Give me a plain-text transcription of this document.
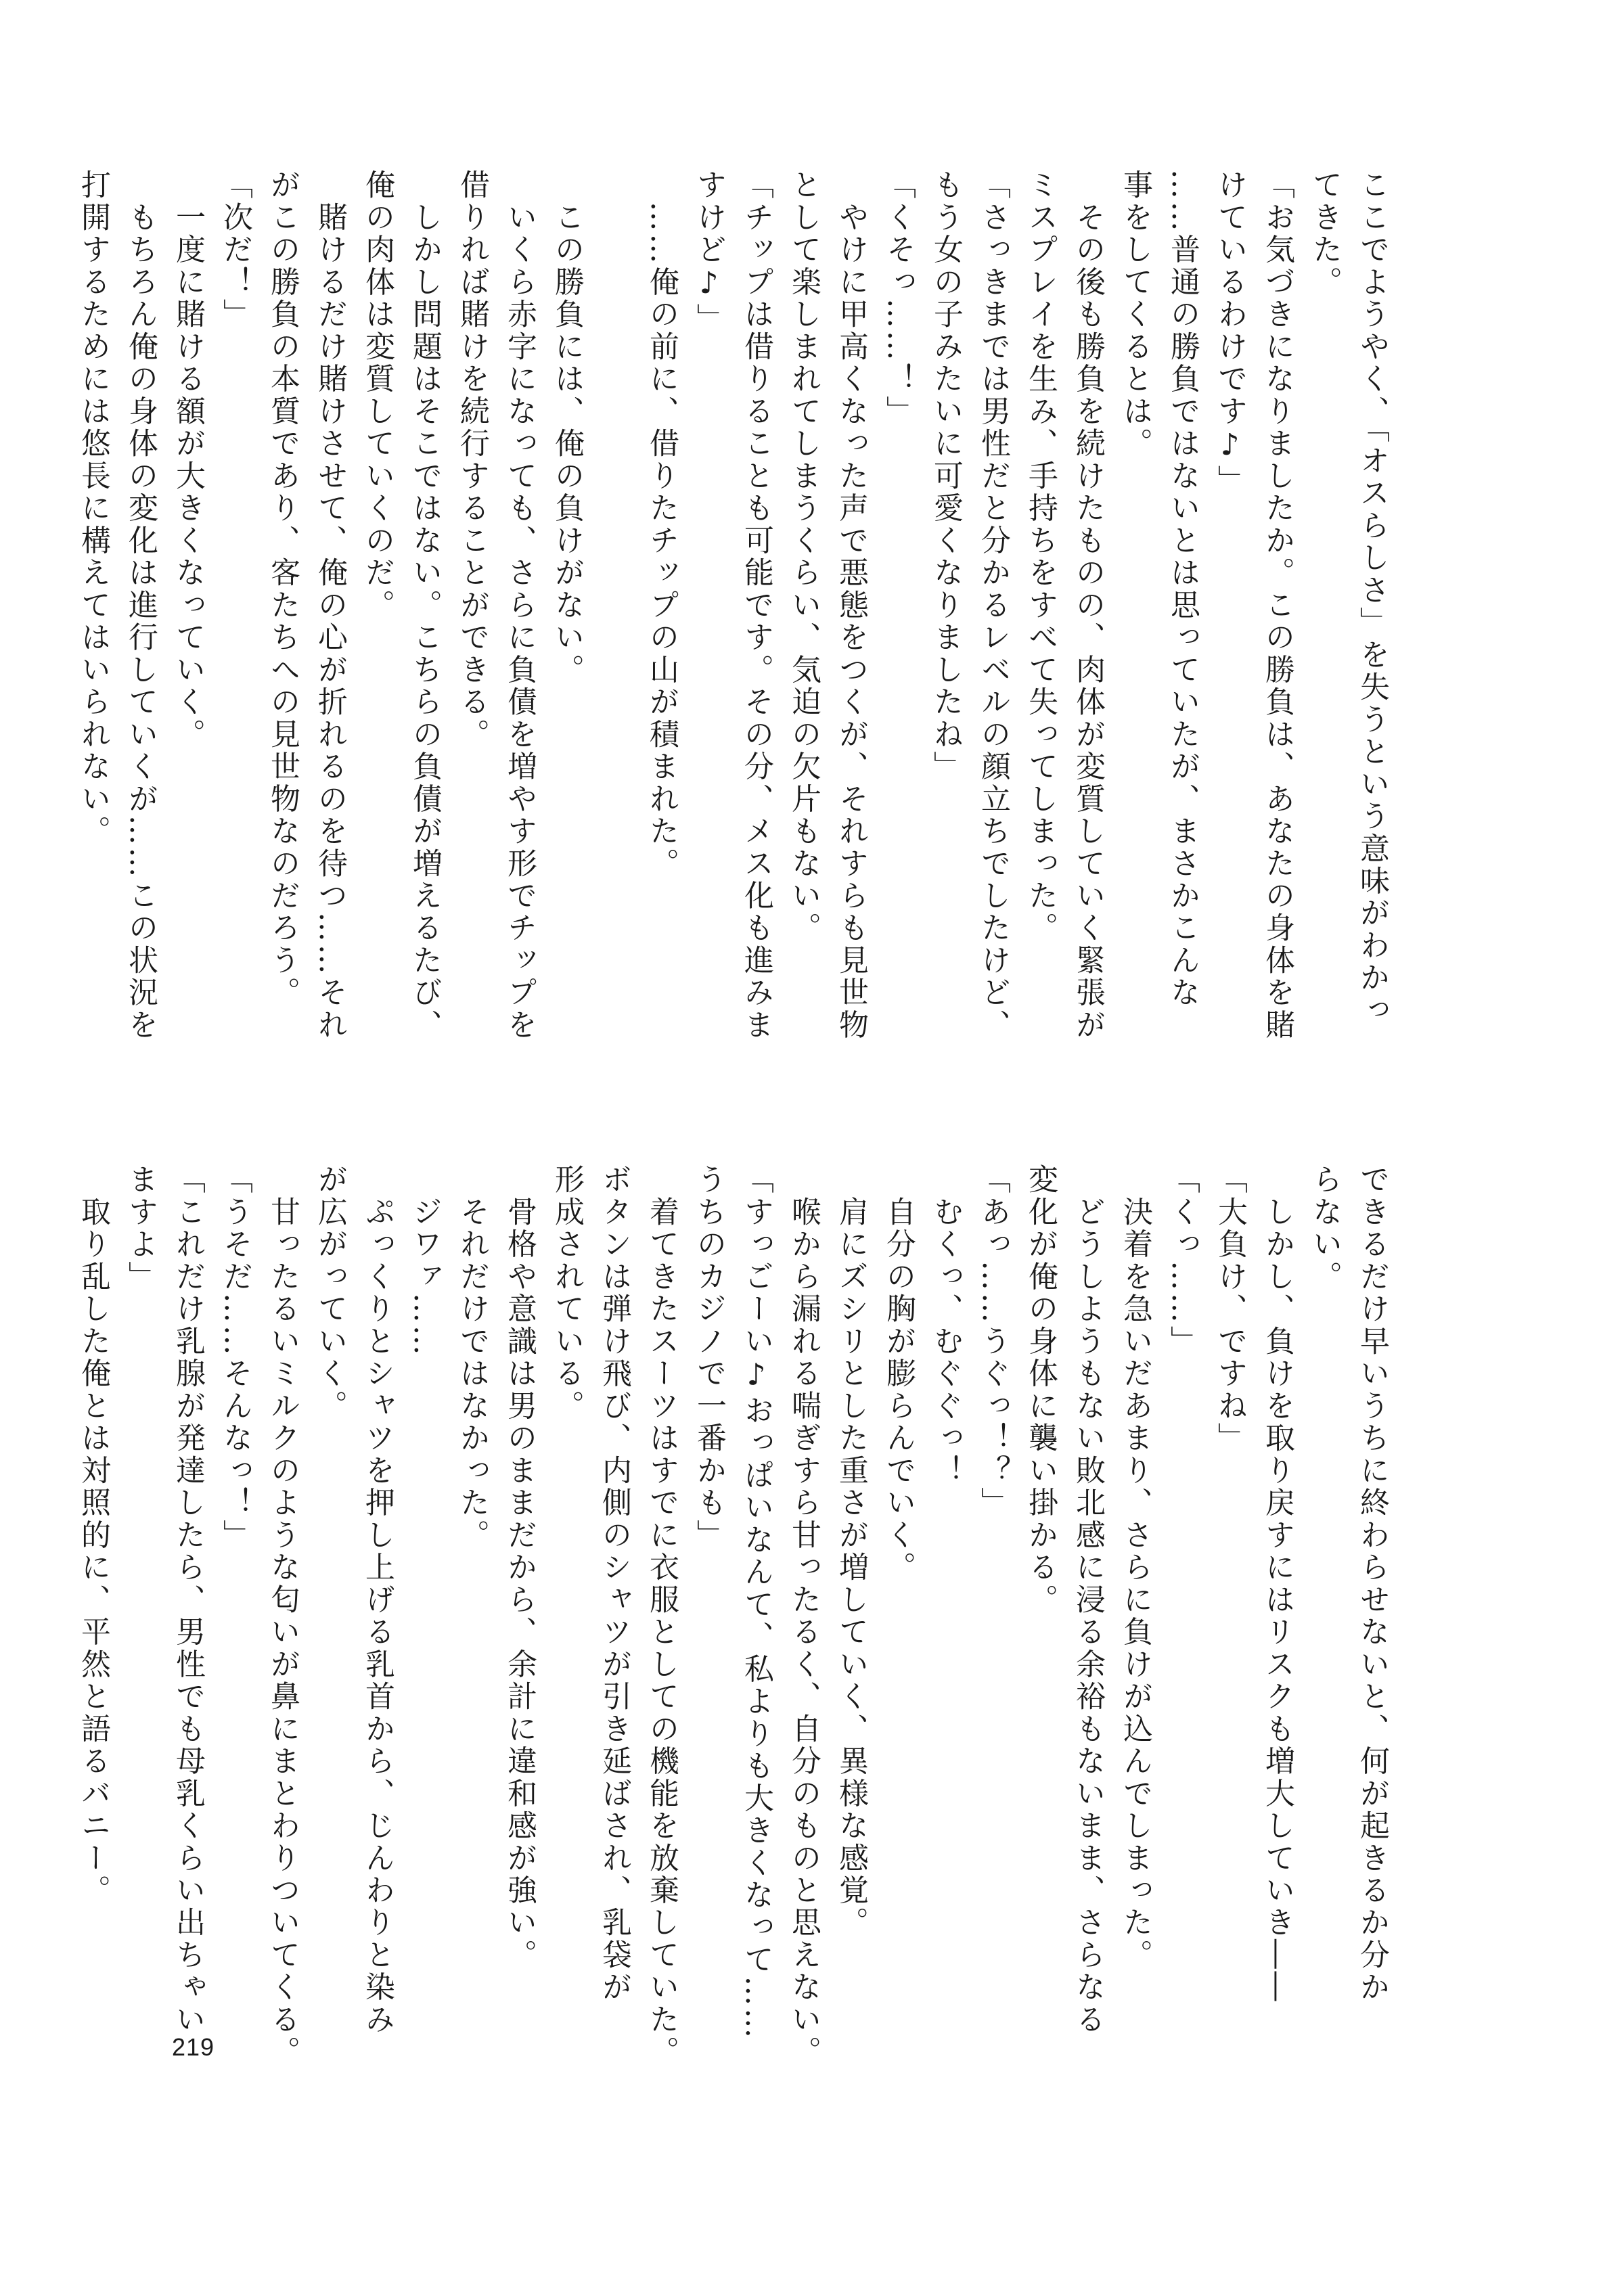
ここでようやく、「オスらしさ」を失うという意味がわかっ

てきた。

「お気づきになりましたか。この勝負は、あなたの身体を賭

けているわけです♪」

……普通の勝負ではないとは思っていたが、まさかこんな

事をしてくるとは。

　その後も勝負を続けたものの、肉体が変質していく緊張が

ミスプレイを生み、手持ちをすべて失ってしまった。

「さっきまでは男性だと分かるレベルの顔立ちでしたけど、

もう女の子みたいに可愛くなりましたね」

「くそっ……！」

　やけに甲高くなった声で悪態をつくが、それすらも見世物

として楽しまれてしまうくらい、気迫の欠片もない。

「チップは借りることも可能です。その分、メス化も進みま

すけど♪」

　……俺の前に、借りたチップの山が積まれた。

　この勝負には、俺の負けがない。

　いくら赤字になっても、さらに負債を増やす形でチップを

借りれば賭けを続行することができる。

　しかし問題はそこではない。こちらの負債が増えるたび、

俺の肉体は変質していくのだ。

　賭けるだけ賭けさせて、俺の心が折れるのを待つ……それ

がこの勝負の本質であり、客たちへの見世物なのだろう。

「次だ！」

　一度に賭ける額が大きくなっていく。

　もちろん俺の身体の変化は進行していくが……この状況を

打開するためには悠長に構えてはいられない。

できるだけ早いうちに終わらせないと、何が起きるか分か

らない。

　しかし、負けを取り戻すにはリスクも増大していき――

「大負け、ですね」

「くっ……」

　決着を急いだあまり、さらに負けが込んでしまった。

　どうしようもない敗北感に浸る余裕もないまま、さらなる

変化が俺の身体に襲い掛かる。

「あっ……うぐっ！？」

　むくっ、むぐぐっ！

　自分の胸が膨らんでいく。

　肩にズシリとした重さが増していく、異様な感覚。

　喉から漏れる喘ぎすら甘ったるく、自分のものと思えない。

「すっごーい♪おっぱいなんて、私よりも大きくなって……

うちのカジノで一番かも」

　着てきたスーツはすでに衣服としての機能を放棄していた。

ボタンは弾け飛び、内側のシャツが引き延ばされ、乳袋が

形成されている。

　骨格や意識は男のままだから、余計に違和感が強い。

　それだけではなかった。

　ジワァ……

　ぷっくりとシャツを押し上げる乳首から、じんわりと染み

が広がっていく。

　甘ったるいミルクのような匂いが鼻にまとわりついてくる。

「うそだ……そんなっ！」

「これだけ乳腺が発達したら、男性でも母乳くらい出ちゃい

ますよ」

　取り乱した俺とは対照的に、平然と語るバニー。

219
